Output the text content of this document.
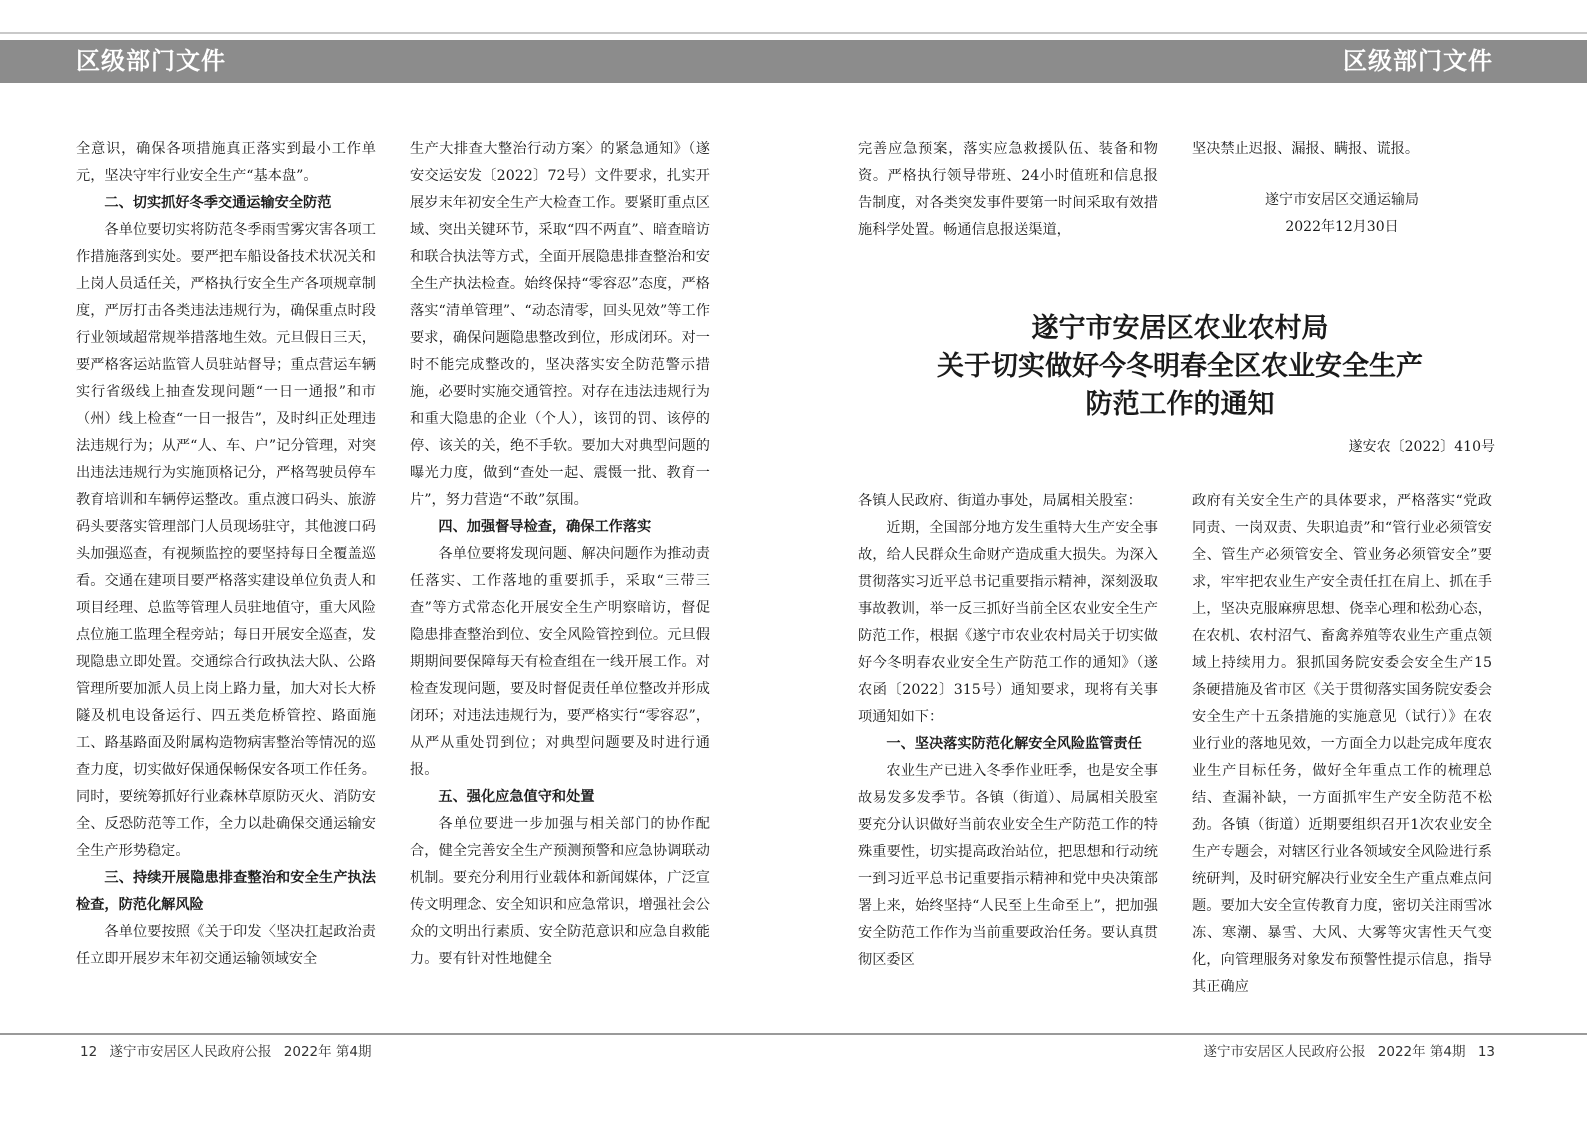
区级部门文件	区级部门文件

全意识，确保各项措施真正落实到最小工作单元，坚决守牢行业安全生产“基本盘”。

二、切实抓好冬季交通运输安全防范

各单位要切实将防范冬季雨雪雾灾害各项工作措施落到实处。要严把车船设备技术状况关和上岗人员适任关，严格执行安全生产各项规章制度，严厉打击各类违法违规行为，确保重点时段行业领域超常规举措落地生效。元旦假日三天，要严格客运站监管人员驻站督导；重点营运车辆实行省级线上抽查发现问题“一日一通报”和市（州）线上检查“一日一报告”，及时纠正处理违法违规行为；从严“人、车、户”记分管理，对突出违法违规行为实施顶格记分，严格驾驶员停车教育培训和车辆停运整改。重点渡口码头、旅游码头要落实管理部门人员现场驻守，其他渡口码头加强巡查，有视频监控的要坚持每日全覆盖巡看。交通在建项目要严格落实建设单位负责人和项目经理、总监等管理人员驻地值守，重大风险点位施工监理全程旁站；每日开展安全巡查，发现隐患立即处置。交通综合行政执法大队、公路管理所要加派人员上岗上路力量，加大对长大桥隧及机电设备运行、四五类危桥管控、路面施工、路基路面及附属构造物病害整治等情况的巡查力度，切实做好保通保畅保安各项工作任务。同时，要统筹抓好行业森林草原防灭火、消防安全、反恐防范等工作，全力以赴确保交通运输安全生产形势稳定。

三、持续开展隐患排查整治和安全生产执法检查，防范化解风险

各单位要按照《关于印发〈坚决扛起政治责任立即开展岁末年初交通运输领域安全

生产大排查大整治行动方案〉的紧急通知》（遂安交运安发〔2022〕72号）文件要求，扎实开展岁末年初安全生产大检查工作。要紧盯重点区域、突出关键环节，采取“四不两直”、暗查暗访和联合执法等方式，全面开展隐患排查整治和安全生产执法检查。始终保持“零容忍”态度，严格落实“清单管理”、“动态清零，回头见效”等工作要求，确保问题隐患整改到位，形成闭环。对一时不能完成整改的，坚决落实安全防范警示措施，必要时实施交通管控。对存在违法违规行为和重大隐患的企业（个人），该罚的罚、该停的停、该关的关，绝不手软。要加大对典型问题的曝光力度，做到“查处一起、震慑一批、教育一片”，努力营造“不敢”氛围。

四、加强督导检查，确保工作落实

各单位要将发现问题、解决问题作为推动责任落实、工作落地的重要抓手，采取“三带三查”等方式常态化开展安全生产明察暗访，督促隐患排查整治到位、安全风险管控到位。元旦假期期间要保障每天有检查组在一线开展工作。对检查发现问题，要及时督促责任单位整改并形成闭环；对违法违规行为，要严格实行“零容忍”，从严从重处罚到位；对典型问题要及时进行通报。

五、强化应急值守和处置

各单位要进一步加强与相关部门的协作配合，健全完善安全生产预测预警和应急协调联动机制。要充分利用行业载体和新闻媒体，广泛宣传文明理念、安全知识和应急常识，增强社会公众的文明出行素质、安全防范意识和应急自救能力。要有针对性地健全

完善应急预案，落实应急救援队伍、装备和物资。严格执行领导带班、24小时值班和信息报告制度，对各类突发事件要第一时间采取有效措施科学处置。畅通信息报送渠道，

坚决禁止迟报、漏报、瞒报、谎报。

遂宁市安居区交通运输局
2022年12月30日
遂宁市安居区农业农村局
关于切实做好今冬明春全区农业安全生产
防范工作的通知
遂安农〔2022〕410号

各镇人民政府、街道办事处，局属相关股室：

近期，全国部分地方发生重特大生产安全事故，给人民群众生命财产造成重大损失。为深入贯彻落实习近平总书记重要指示精神，深刻汲取事故教训，举一反三抓好当前全区农业安全生产防范工作，根据《遂宁市农业农村局关于切实做好今冬明春农业安全生产防范工作的通知》（遂农函〔2022〕315号）通知要求，现将有关事项通知如下：

一、坚决落实防范化解安全风险监管责任

农业生产已进入冬季作业旺季，也是安全事故易发多发季节。各镇（街道）、局属相关股室要充分认识做好当前农业安全生产防范工作的特殊重要性，切实提高政治站位，把思想和行动统一到习近平总书记重要指示精神和党中央决策部署上来，始终坚持“人民至上生命至上”，把加强安全防范工作作为当前重要政治任务。要认真贯彻区委区

政府有关安全生产的具体要求，严格落实“党政同责、一岗双责、失职追责”和“管行业必须管安全、管生产必须管安全、管业务必须管安全”要求，牢牢把农业生产安全责任扛在肩上、抓在手上，坚决克服麻痹思想、侥幸心理和松劲心态，在农机、农村沼气、畜禽养殖等农业生产重点领域上持续用力。狠抓国务院安委会安全生产15条硬措施及省市区《关于贯彻落实国务院安委会安全生产十五条措施的实施意见（试行）》在农业行业的落地见效，一方面全力以赴完成年度农业生产目标任务，做好全年重点工作的梳理总结、查漏补缺，一方面抓牢生产安全防范不松劲。各镇（街道）近期要组织召开1次农业安全生产专题会，对辖区行业各领域安全风险进行系统研判，及时研究解决行业安全生产重点难点问题。要加大安全宣传教育力度，密切关注雨雪冰冻、寒潮、暴雪、大风、大雾等灾害性天气变化，向管理服务对象发布预警性提示信息，指导其正确应

12 遂宁市安居区人民政府公报 2022年 第4期	遂宁市安居区人民政府公报 2022年 第4期 13
